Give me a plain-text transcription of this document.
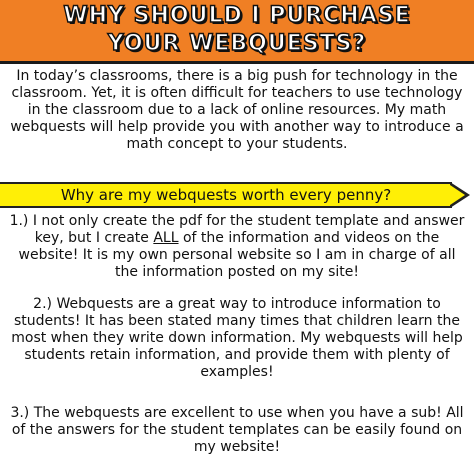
WHY SHOULD I PURCHASE
YOUR WEBQUESTS?

In today’s classrooms, there is a big push for technology in the classroom. Yet, it is often difficult for teachers to use technology in the classroom due to a lack of online resources. My math webquests will help provide you with another way to introduce a math concept to your students.

Why are my webquests worth every penny?

1.) I not only create the pdf for the student template and answer key, but I create ALL of the information and videos on the website! It is my own personal website so I am in charge of all the information posted on my site!

2.) Webquests are a great way to introduce information to students! It has been stated many times that children learn the most when they write down information. My webquests will help students retain information, and provide them with plenty of examples!

3.) The webquests are excellent to use when you have a sub! All of the answers for the student templates can be easily found on my website!
